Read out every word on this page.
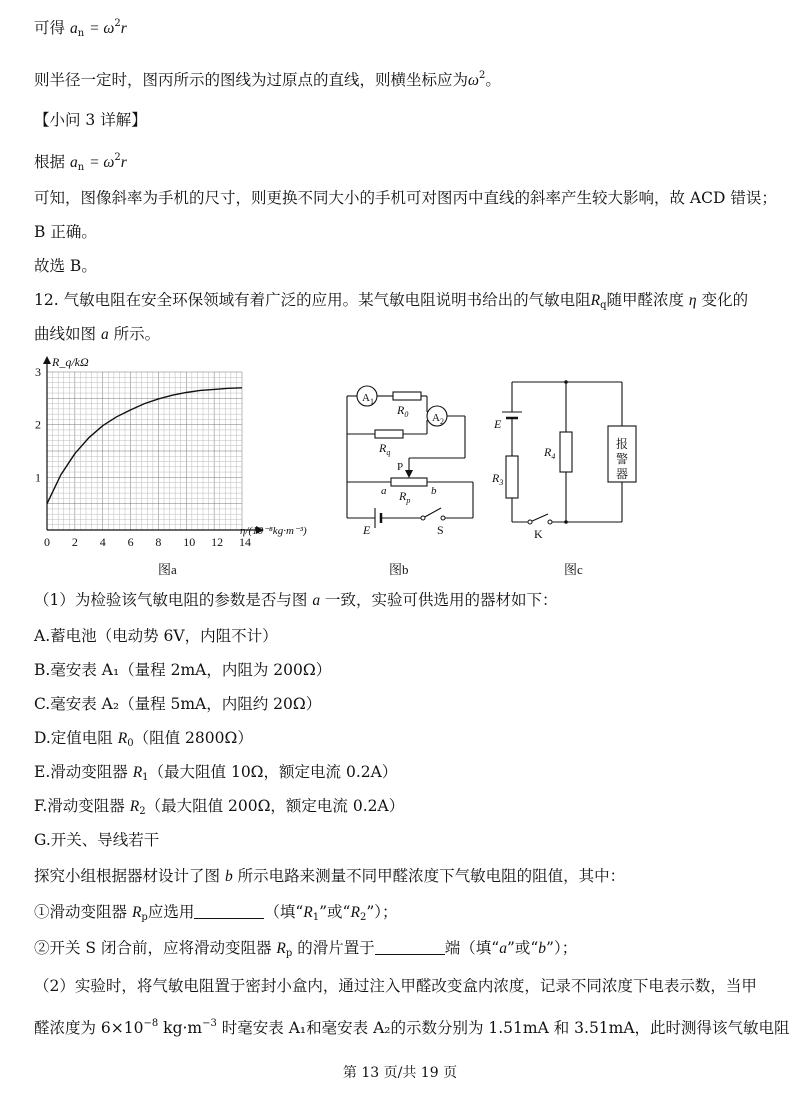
可得 $a_n = \omega^2r$
则半径一定时，图丙所示的图线为过原点的直线，则横坐标应为$\omega^2$。
【小问 3 详解】
根据 $a_n = \omega^2r$
可知，图像斜率为手机的尺寸，则更换不同大小的手机可对图丙中直线的斜率产生较大影响，故 ACD 错误；
B 正确。
故选 B。
12. 气敏电阻在安全环保领域有着广泛的应用。某气敏电阻说明书给出的气敏电阻$R_q$随甲醛浓度 η 变化的
曲线如图 a 所示。
0 2 4 6 8 10 12 14
1
2
3
R_q/kΩ
η/(10⁻⁸kg·m⁻³)
图a
$A_1$
$A_2$
$R_0$
$R_q$
P
a	b
$R_p$
E	S
图b
E
$R_3$
$R_4$
报警器
K
图c
（1）为检验该气敏电阻的参数是否与图 a 一致，实验可供选用的器材如下：
A.蓄电池（电动势 6V，内阻不计）
B.毫安表 A₁（量程 2mA，内阻为 200Ω）
C.毫安表 A₂（量程 5mA，内阻约 20Ω）
D.定值电阻 $R_0$（阻值 2800Ω）
E.滑动变阻器 $R_1$（最大阻值 10Ω，额定电流 0.2A）
F.滑动变阻器 $R_2$（最大阻值 200Ω，额定电流 0.2A）
G.开关、导线若干
探究小组根据器材设计了图 b 所示电路来测量不同甲醛浓度下气敏电阻的阻值，其中：
①滑动变阻器 $R_p$应选用	（填“$R_1$”或“$R_2$”）；
②开关 S 闭合前，应将滑动变阻器 $R_p$ 的滑片置于	端（填“a”或“b”）；
（2）实验时，将气敏电阻置于密封小盒内，通过注入甲醛改变盒内浓度，记录不同浓度下电表示数，当甲
醛浓度为 $6\times 10^{-8}$ $kg\cdot m^{-3}$ 时毫安表 A₁和毫安表 A₂的示数分别为 1.51mA 和 3.51mA，此时测得该气敏电阻
第 13 页/共 19 页
